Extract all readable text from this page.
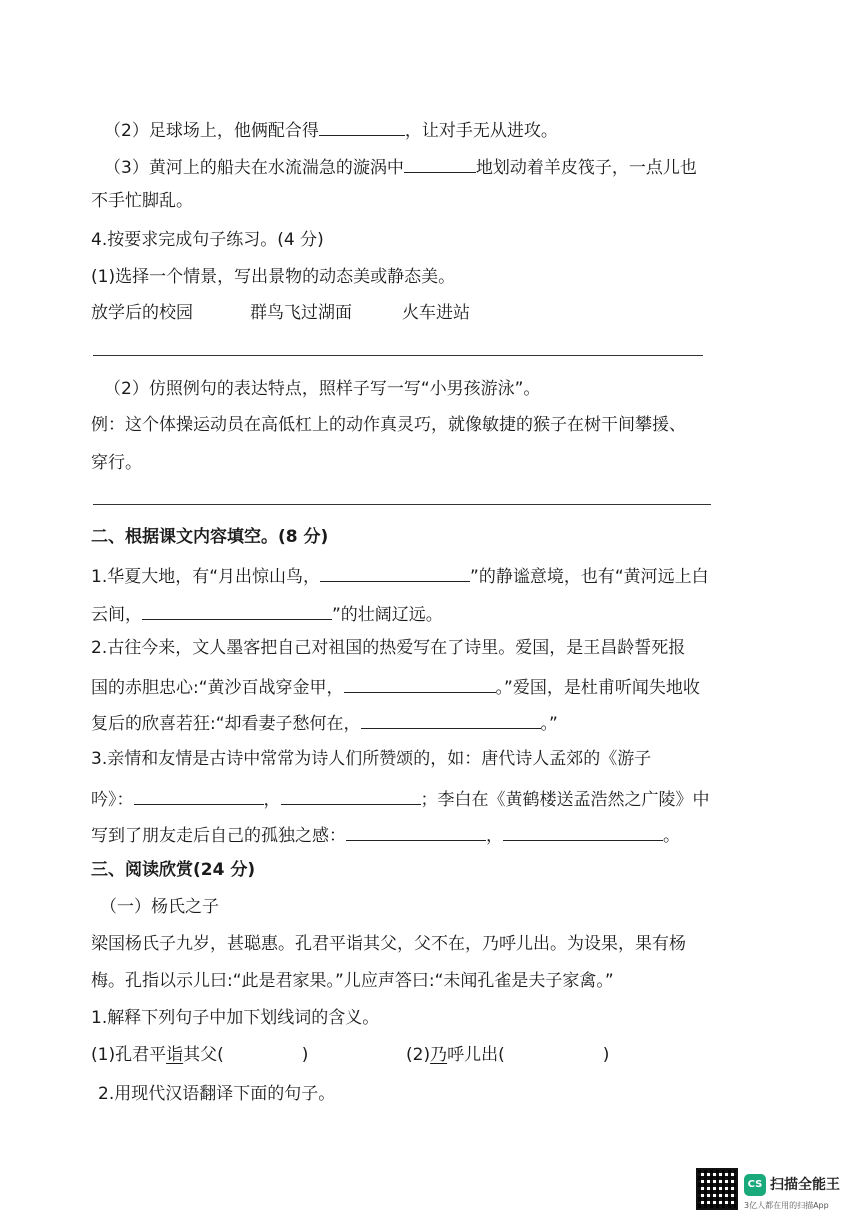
（2）足球场上，他俩配合得	，让对手无从进攻。
（3）黄河上的船夫在水流湍急的漩涡中	地划动着羊皮筏子，一点儿也
不手忙脚乱。
4.按要求完成句子练习。(4 分)
(1)选择一个情景，写出景物的动态美或静态美。
放学后的校园	群鸟飞过湖面	火车进站
（2）仿照例句的表达特点，照样子写一写“小男孩游泳”。
例：这个体操运动员在高低杠上的动作真灵巧，就像敏捷的猴子在树干间攀援、
穿行。
二、根据课文内容填空。(8 分)
1.华夏大地，有“月出惊山鸟，	”的静谧意境，也有“黄河远上白
云间，	”的壮阔辽远。
2.古往今来，文人墨客把自己对祖国的热爱写在了诗里。爱国，是王昌龄誓死报
国的赤胆忠心:“黄沙百战穿金甲，	。”爱国，是杜甫听闻失地收
复后的欣喜若狂:“却看妻子愁何在，	。”
3.亲情和友情是古诗中常常为诗人们所赞颂的，如：唐代诗人孟郊的《游子
吟》：	，	；李白在《黄鹤楼送孟浩然之广陵》中
写到了朋友走后自己的孤独之感：	，	。
三、阅读欣赏(24 分)
（一）杨氏之子
梁国杨氏子九岁，甚聪惠。孔君平诣其父，父不在，乃呼儿出。为设果，果有杨
梅。孔指以示儿曰:“此是君家果。”儿应声答曰:“未闻孔雀是夫子家禽。”
1.解释下列句子中加下划线词的含义。
(1)孔君平诣其父(	)	(2)乃呼儿出(	)
2.用现代汉语翻译下面的句子。
CS 扫描全能王
3亿人都在用的扫描App
